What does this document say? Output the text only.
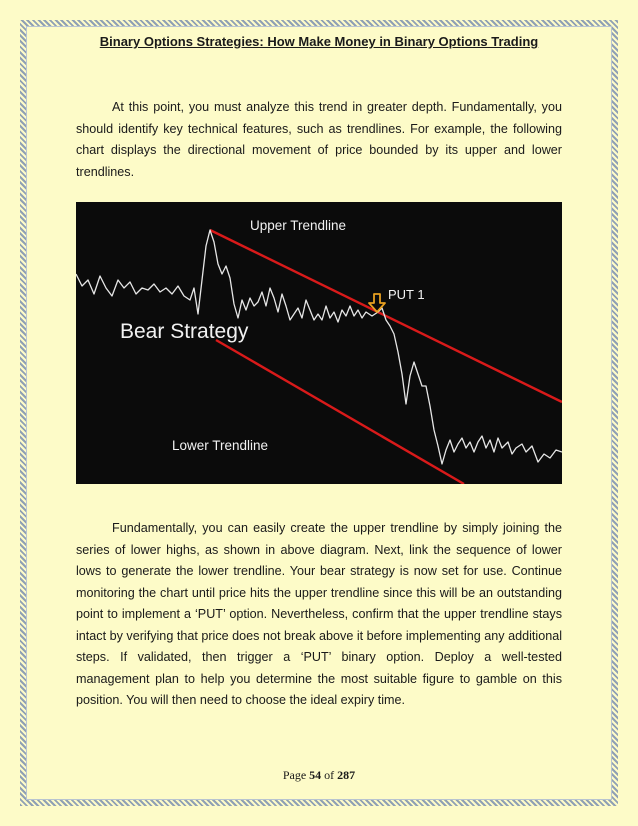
Binary Options Strategies: How Make Money in Binary Options Trading

At this point, you must analyze this trend in greater depth. Fundamentally, you should identify key technical features, such as trendlines. For example, the following chart displays the directional movement of price bounded by its upper and lower trendlines.

Upper Trendline
PUT 1
Bear Strategy
Lower Trendline

Fundamentally, you can easily create the upper trendline by simply joining the series of lower highs, as shown in above diagram. Next, link the sequence of lower lows to generate the lower trendline. Your bear strategy is now set for use. Continue monitoring the chart until price hits the upper trendline since this will be an outstanding point to implement a ‘PUT’ option. Nevertheless, confirm that the upper trendline stays intact by verifying that price does not break above it before implementing any additional steps. If validated, then trigger a ‘PUT’ binary option. Deploy a well-tested management plan to help you determine the most suitable figure to gamble on this position. You will then need to choose the ideal expiry time.

Page 54 of 287
